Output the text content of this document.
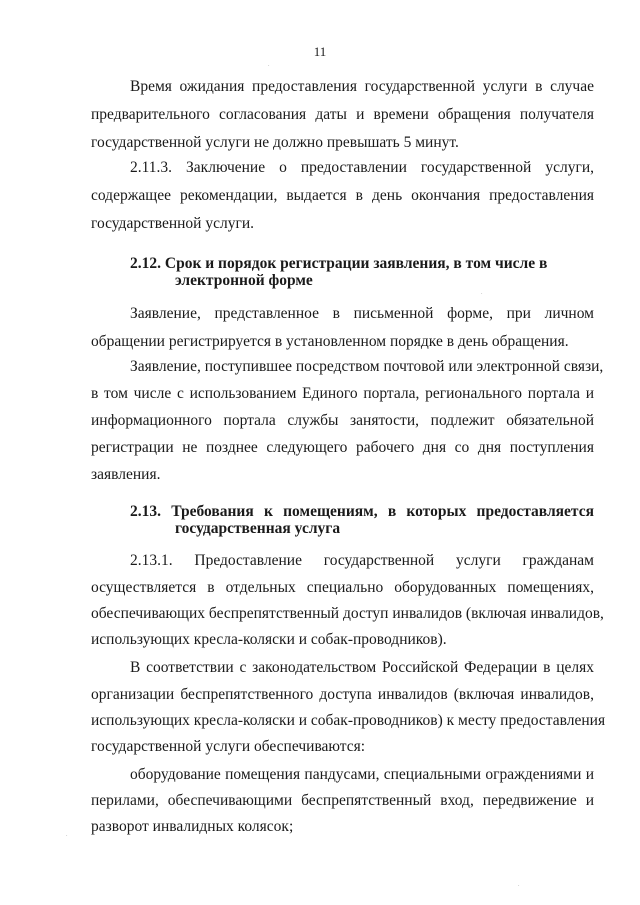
11
Время ожидания предоставления государственной услуги в случае
предварительного согласования даты и времени обращения получателя
государственной услуги не должно превышать 5 минут.
2.11.3. Заключение о предоставлении государственной услуги,
содержащее рекомендации, выдается в день окончания предоставления
государственной услуги.
2.12. Срок и порядок регистрации заявления, в том числе в
электронной форме
Заявление, представленное в письменной форме, при личном
обращении регистрируется в установленном порядке в день обращения.
Заявление, поступившее посредством почтовой или электронной связи,
в том числе с использованием Единого портала, регионального портала и
информационного портала службы занятости, подлежит обязательной
регистрации не позднее следующего рабочего дня со дня поступления
заявления.
2.13. Требования к помещениям, в которых предоставляется
государственная услуга
2.13.1. Предоставление государственной услуги гражданам
осуществляется в отдельных специально оборудованных помещениях,
обеспечивающих беспрепятственный доступ инвалидов (включая инвалидов,
использующих кресла-коляски и собак-проводников).
В соответствии с законодательством Российской Федерации в целях
организации беспрепятственного доступа инвалидов (включая инвалидов,
использующих кресла-коляски и собак-проводников) к месту предоставления
государственной услуги обеспечиваются:
оборудование помещения пандусами, специальными ограждениями и
перилами, обеспечивающими беспрепятственный вход, передвижение и
разворот инвалидных колясок;
.
.
.
.
